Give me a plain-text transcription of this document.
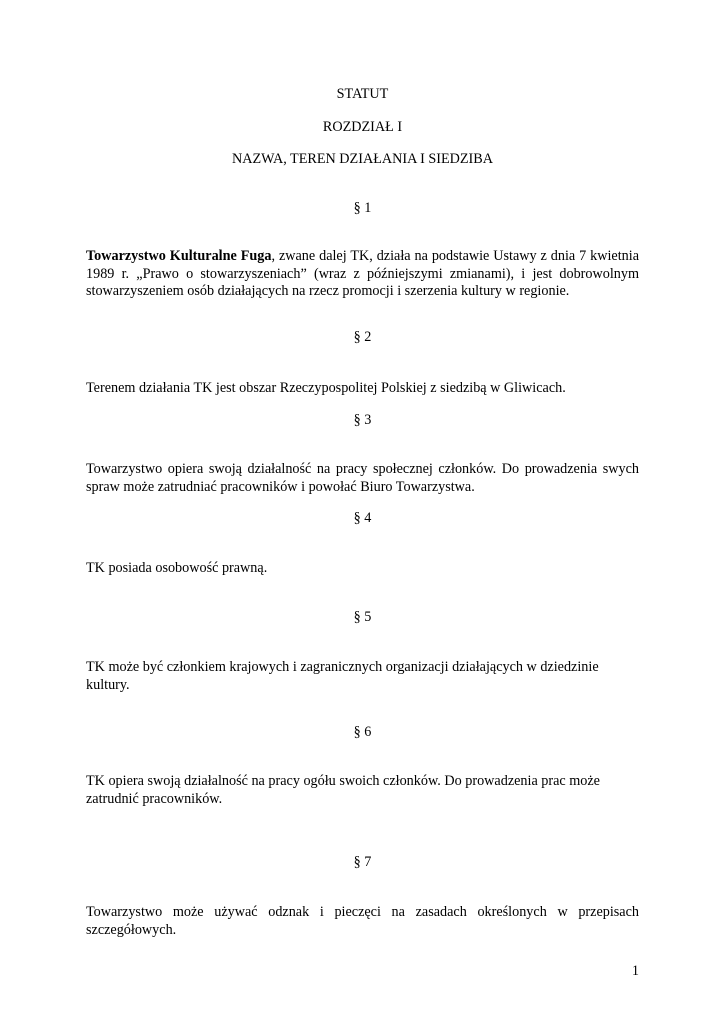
STATUT

ROZDZIAŁ I

NAZWA, TEREN DZIAŁANIA I SIEDZIBA

§ 1

Towarzystwo Kulturalne Fuga, zwane dalej TK, działa na podstawie Ustawy z dnia 7 kwietnia 1989 r. „Prawo o stowarzyszeniach” (wraz z późniejszymi zmianami), i jest dobrowolnym stowarzyszeniem osób działających na rzecz promocji i szerzenia kultury w regionie.

§ 2

Terenem działania TK jest obszar Rzeczypospolitej Polskiej z siedzibą w Gliwicach.

§ 3

Towarzystwo opiera swoją działalność na pracy społecznej członków. Do prowadzenia swych spraw może zatrudniać pracowników i powołać Biuro Towarzystwa.

§ 4

TK posiada osobowość prawną.

§ 5

TK może być członkiem krajowych i zagranicznych organizacji działających w dziedzinie kultury.

§ 6

TK opiera swoją działalność na pracy ogółu swoich członków. Do prowadzenia prac może zatrudnić pracowników.

§ 7

Towarzystwo może używać odznak i pieczęci na zasadach określonych w przepisach szczegółowych.

1
